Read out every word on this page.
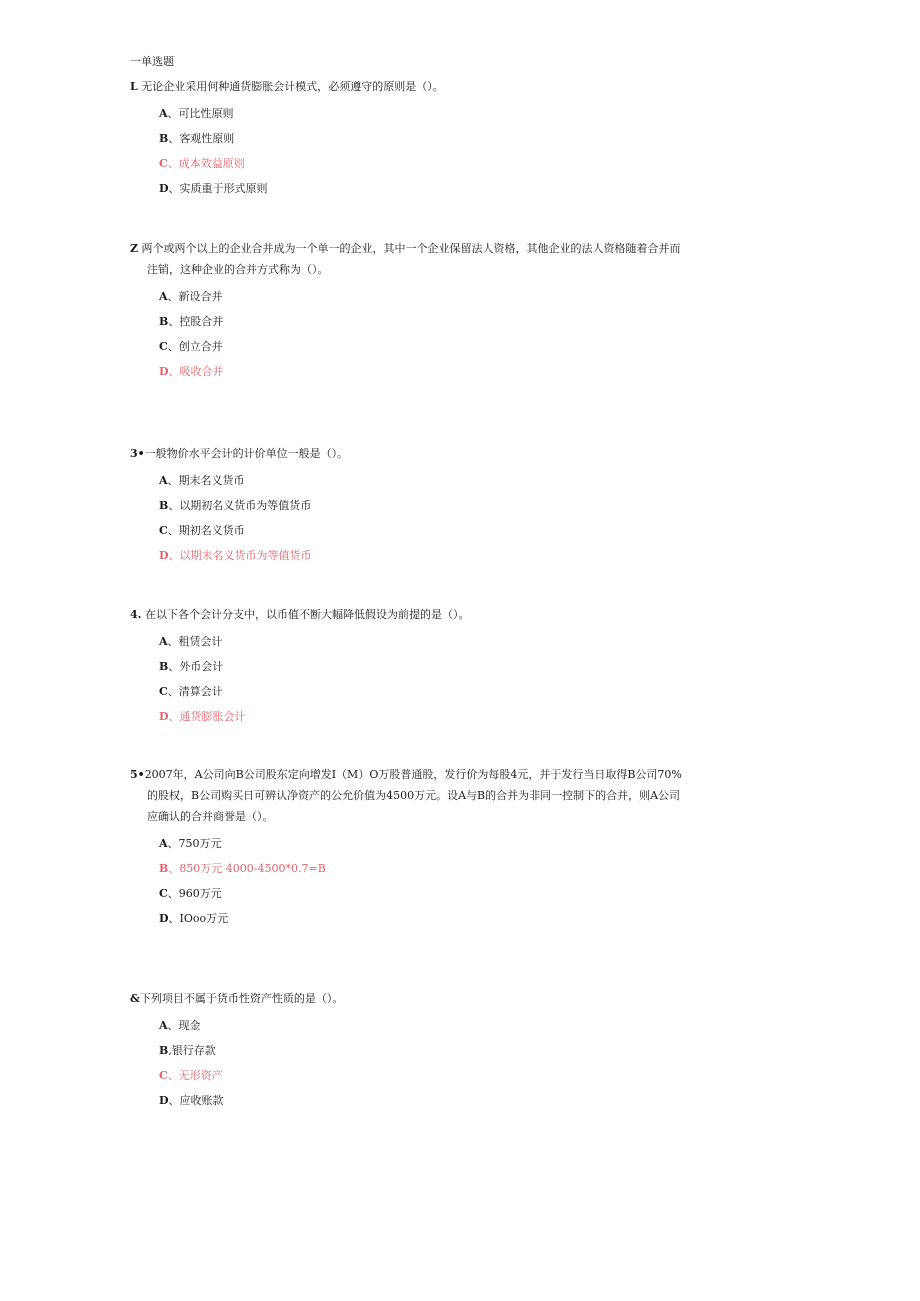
一单选题

L 无论企业采用何种通货膨胀会计模式，必须遵守的原则是（）。

A、可比性原则
B、客观性原则
C、成本效益原则
D、实质重于形式原则

Z 两个或两个以上的企业合并成为一个单一的企业，其中一个企业保留法人资格，其他企业的法人资格随着合并而注销，这种企业的合并方式称为（）。

A、新设合并
B、控股合并
C、创立合并
D、吸收合并

3•一般物价水平会计的计价单位一般是（）。

A、期末名义货币
B、以期初名义货币为等值货币
C、期初名义货币
D、以期末名义货币为等值货币

4. 在以下各个会计分支中，以币值不断大幅降低假设为前提的是（）。

A、租赁会计
B、外币会计
C、清算会计
D、通货膨胀会计

5•2007年，A公司向B公司股东定向增发I（M）O万股普通股，发行价为每股4元，并于发行当日取得B公司70%的股权，B公司购买日可辨认净资产的公允价值为4500万元。设A与B的合并为非同一控制下的合并，则A公司应确认的合并商誉是（）。

A、750万元
B、850万元 4000-4500*0.7=B
C、960万元
D、IOoo万元

&下列项目不属于货币性资产性质的是（）。

A、现金
B,银行存款
C、无形资产
D、应收账款
